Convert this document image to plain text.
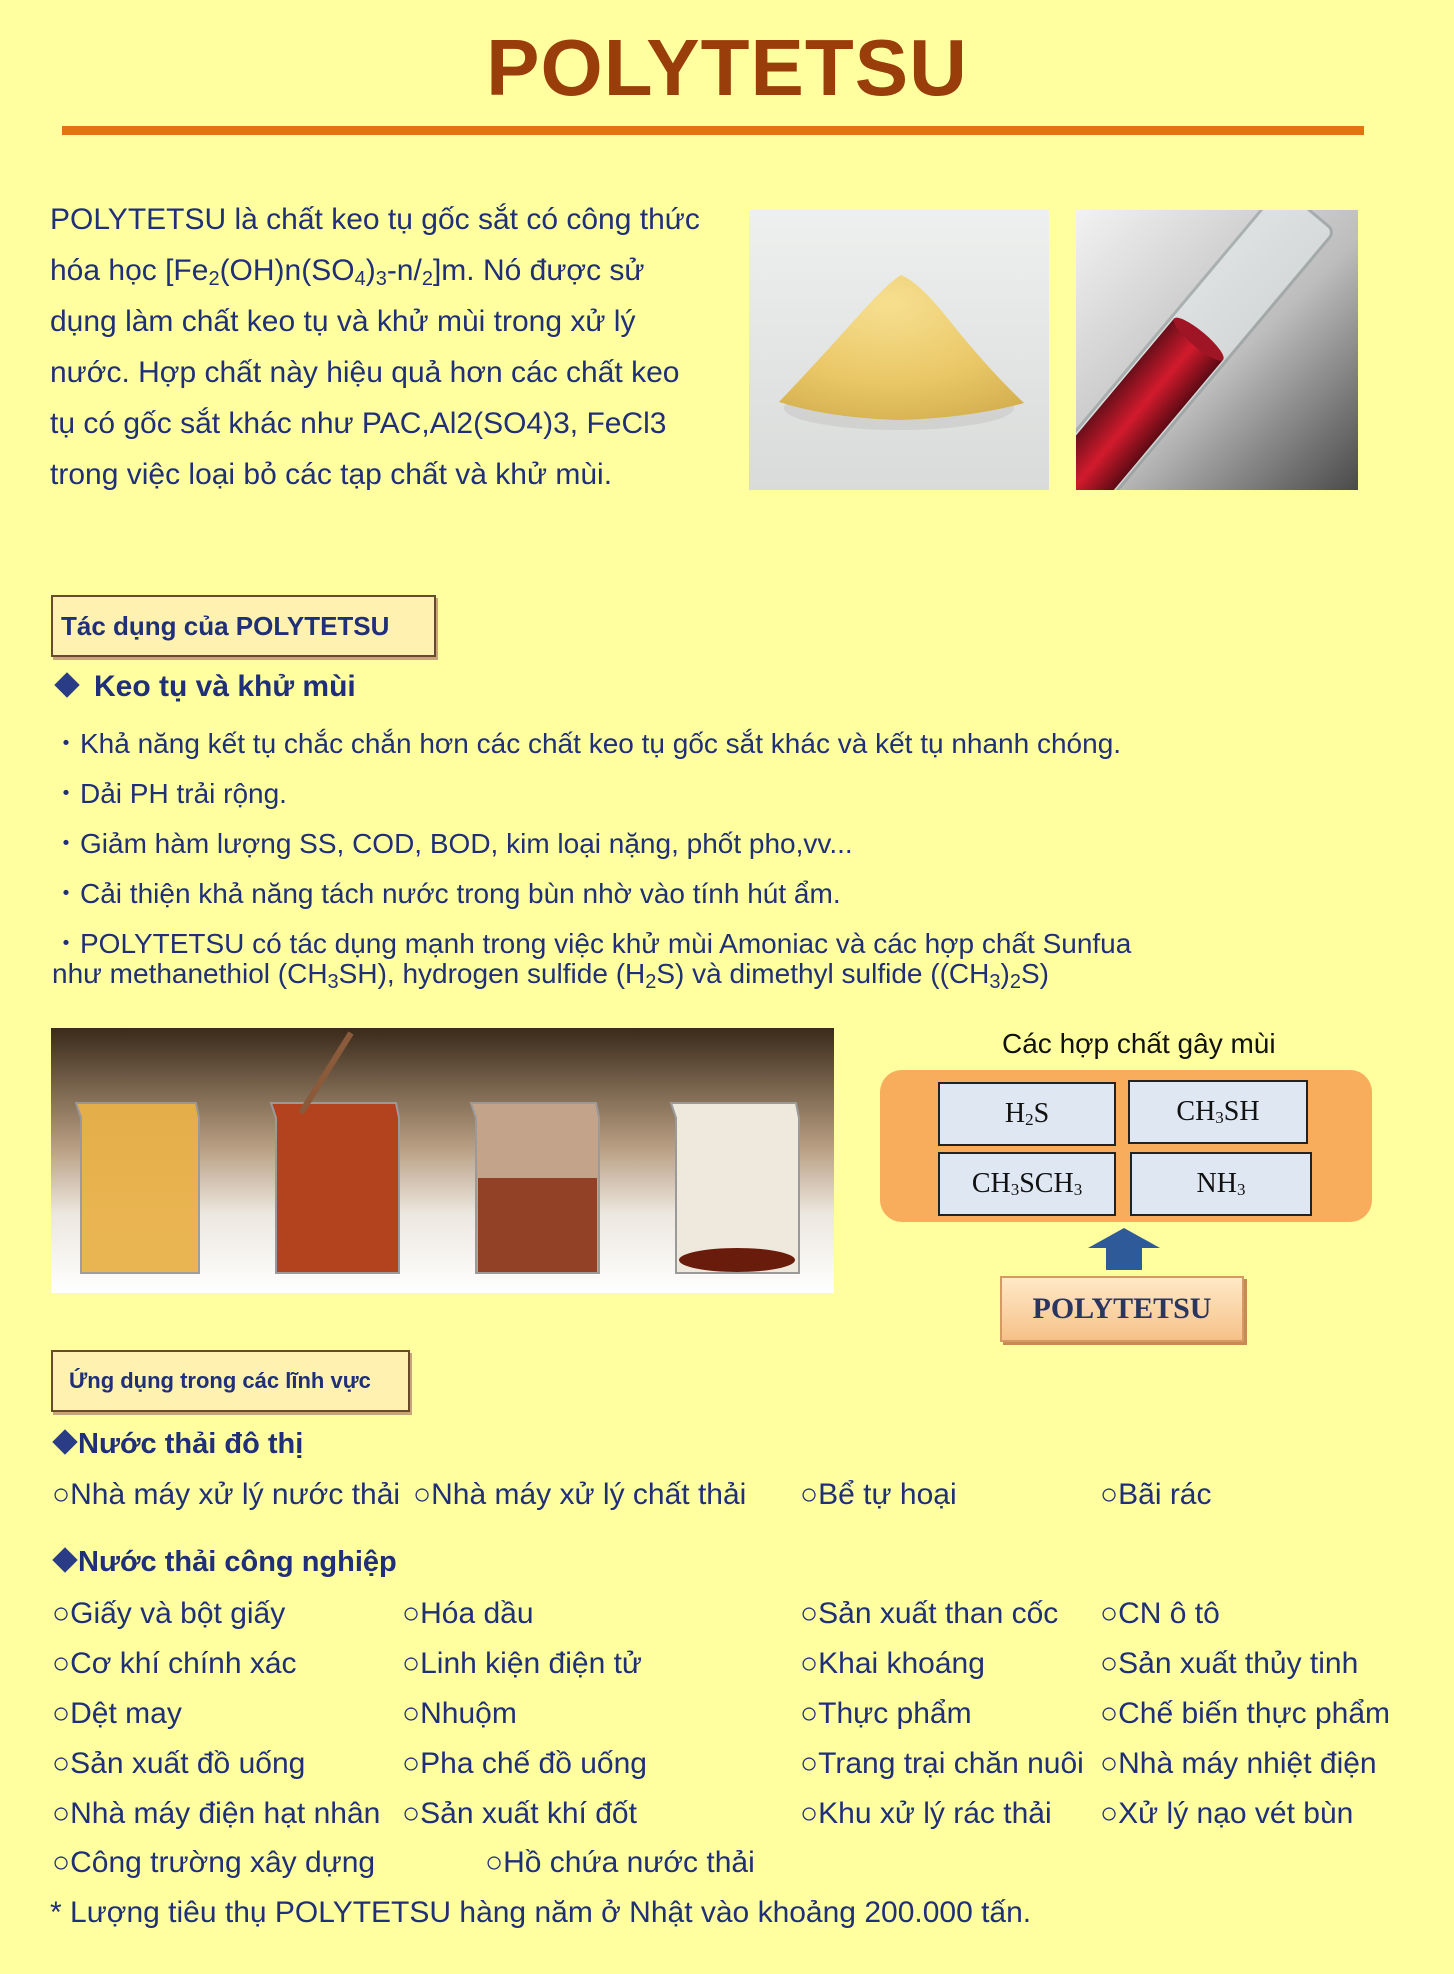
POLYTETSU
POLYTETSU là chất keo tụ gốc sắt có công thức
hóa học $[Fe_2(OH)n(SO_4)_3-n/_2]m$. Nó được sử
dụng làm chất keo tụ và khử mùi trong xử lý
nước. Hợp chất này hiệu quả hơn các chất keo
tụ có gốc sắt khác như PAC,Al2(SO4)3, FeCl3
trong việc loại bỏ các tạp chất và khử mùi.
Tác dụng của POLYTETSU
Keo tụ và khử mùi
・Khả năng kết tụ chắc chắn hơn các chất keo tụ gốc sắt khác và kết tụ nhanh chóng.
・Dải PH trải rộng.
・Giảm hàm lượng SS, COD, BOD, kim loại nặng, phốt pho,vv...
・Cải thiện khả năng tách nước trong bùn nhờ vào tính hút ẩm.
・POLYTETSU có tác dụng mạnh trong việc khử mùi Amoniac và các hợp chất Sunfua
như methanethiol $(CH_3SH)$, hydrogen sulfide $(H_2S)$ và dimethyl sulfide $((CH_3)_2S)$
Các hợp chất gây mùi
$H_2S$	$CH_3SH$
$CH_3SCH_3$	$NH_3$
POLYTETSU
Ứng dụng trong các lĩnh vực
Nước thải đô thị
○Nhà máy xử lý nước thải ○Nhà máy xử lý chất thải ○Bể tự hoại	○Bãi rác
Nước thải công nghiệp
○Giấy và bột giấy	○Hóa dầu	○Sản xuất than cốc ○CN ô tô
○Cơ khí chính xác	○Linh kiện điện tử	○Khai khoáng	○Sản xuất thủy tinh
○Dệt may	○Nhuộm	○Thực phẩm	○Chế biến thực phẩm
○Sản xuất đồ uống	○Pha chế đồ uống	○Trang trại chăn nuôi ○Nhà máy nhiệt điện
○Nhà máy điện hạt nhân ○Sản xuất khí đốt	○Khu xử lý rác thải ○Xử lý nạo vét bùn
○Công trường xây dựng	○Hồ chứa nước thải
* Lượng tiêu thụ POLYTETSU hàng năm ở Nhật vào khoảng 200.000 tấn.
